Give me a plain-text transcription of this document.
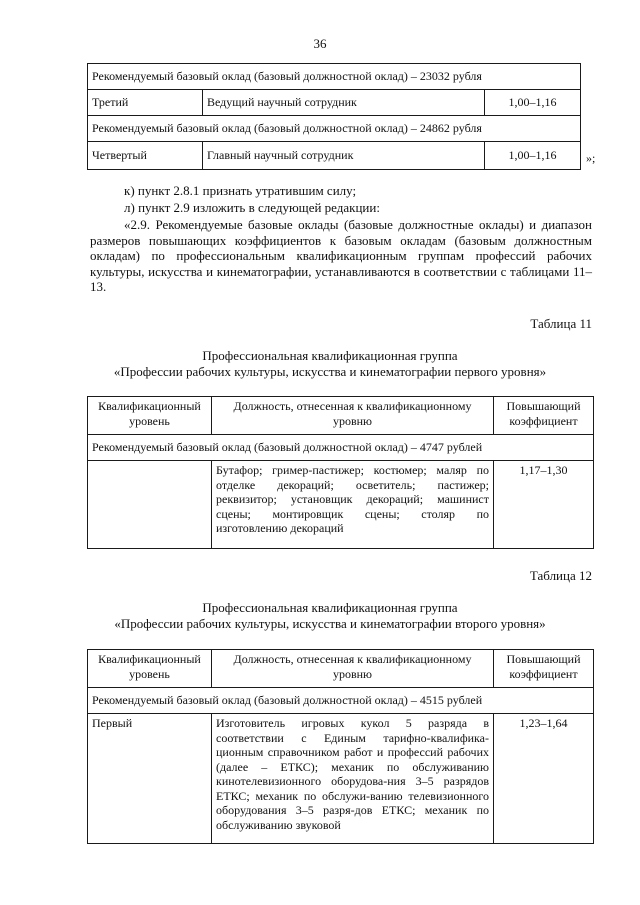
36
Рекомендуемый базовый оклад (базовый должностной оклад) – 23032 рубля		
Третий	Ведущий научный сотрудник	1,00–1,16
Рекомендуемый базовый оклад (базовый должностной оклад) – 24862 рубля		
Четвертый	Главный научный сотрудник	1,00–1,16 »;
к) пункт 2.8.1 признать утратившим силу;
л) пункт 2.9 изложить в следующей редакции:
«2.9. Рекомендуемые базовые оклады (базовые должностные оклады) и диапазон размеров повышающих коэффициентов к базовым окладам (базовым должностным окладам) по профессиональным квалификационным группам профессий рабочих культуры, искусства и кинематографии, устанавливаются в соответствии с таблицами 11–13.
Таблица 11
Профессиональная квалификационная группа
«Профессии рабочих культуры, искусства и кинематографии первого уровня»
Квалификационный уровень	Должность, отнесенная к квалификационному уровню	Повышающий коэффициент
Рекомендуемый базовый оклад (базовый должностной оклад) – 4747 рублей		
	Бутафор; гример-пастижер; костюмер; маляр по отделке декораций; осветитель; пастижер; реквизитор; установщик декораций; машинист сцены; монтировщик сцены; столяр по изготовлению декораций	1,17–1,30
Таблица 12
Профессиональная квалификационная группа
«Профессии рабочих культуры, искусства и кинематографии второго уровня»
Квалификационный уровень	Должность, отнесенная к квалификационному уровню	Повышающий коэффициент
Рекомендуемый базовый оклад (базовый должностной оклад) – 4515 рублей		
Первый	Изготовитель игровых кукол 5 разряда в соответствии с Единым тарифно-квалифика-ционным справочником работ и профессий рабочих (далее – ЕТКС); механик по обслуживанию кинотелевизионного оборудова-ния 3–5 разрядов ЕТКС; механик по обслужи-ванию телевизионного оборудования 3–5 разря-дов ЕТКС; механик по обслуживанию звуковой	1,23–1,64
